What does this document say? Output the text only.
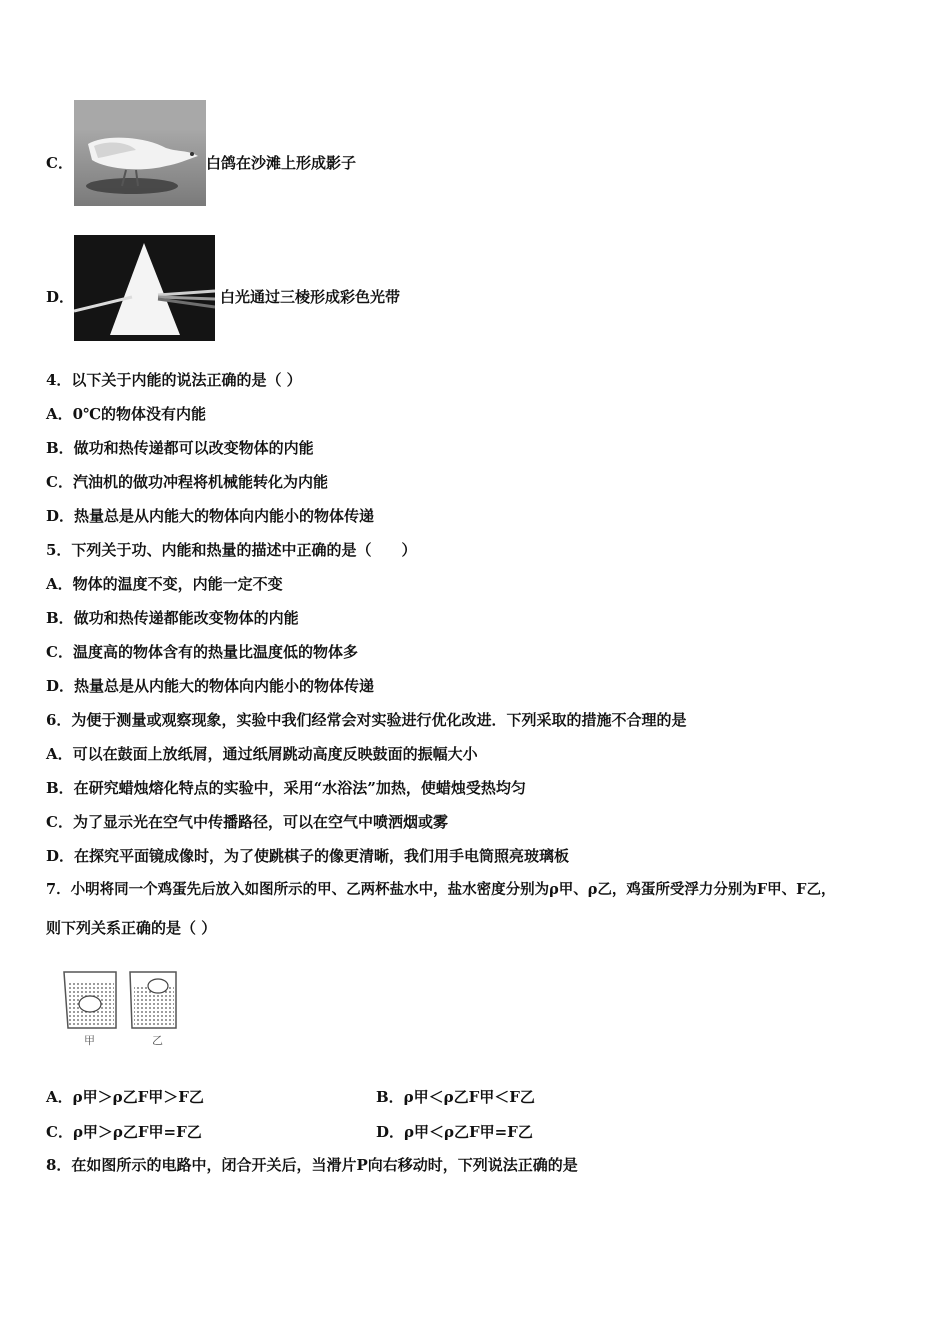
C．	白鸽在沙滩上形成影子
D．	白光通过三棱形成彩色光带
4．以下关于内能的说法正确的是（ ）
A．0℃的物体没有内能
B．做功和热传递都可以改变物体的内能
C．汽油机的做功冲程将机械能转化为内能
D．热量总是从内能大的物体向内能小的物体传递
5．下列关于功、内能和热量的描述中正确的是（　　）
A．物体的温度不变，内能一定不变
B．做功和热传递都能改变物体的内能
C．温度高的物体含有的热量比温度低的物体多
D．热量总是从内能大的物体向内能小的物体传递
6．为便于测量或观察现象，实验中我们经常会对实验进行优化改进．下列采取的措施不合理的是
A．可以在鼓面上放纸屑，通过纸屑跳动高度反映鼓面的振幅大小
B．在研究蜡烛熔化特点的实验中，采用“水浴法”加热，使蜡烛受热均匀
C．为了显示光在空气中传播路径，可以在空气中喷洒烟或雾
D．在探究平面镜成像时，为了使跳棋子的像更清晰，我们用手电筒照亮玻璃板
7．小明将同一个鸡蛋先后放入如图所示的甲、乙两杯盐水中，盐水密度分别为ρ甲、ρ乙，鸡蛋所受浮力分别为F甲、F乙，
则下列关系正确的是（ ）
甲	乙
A．ρ甲＞ρ乙F甲＞F乙	B．ρ甲＜ρ乙F甲＜F乙
C．ρ甲＞ρ乙F甲=F乙	D．ρ甲＜ρ乙F甲=F乙
8．在如图所示的电路中，闭合开关后，当滑片P向右移动时，下列说法正确的是
